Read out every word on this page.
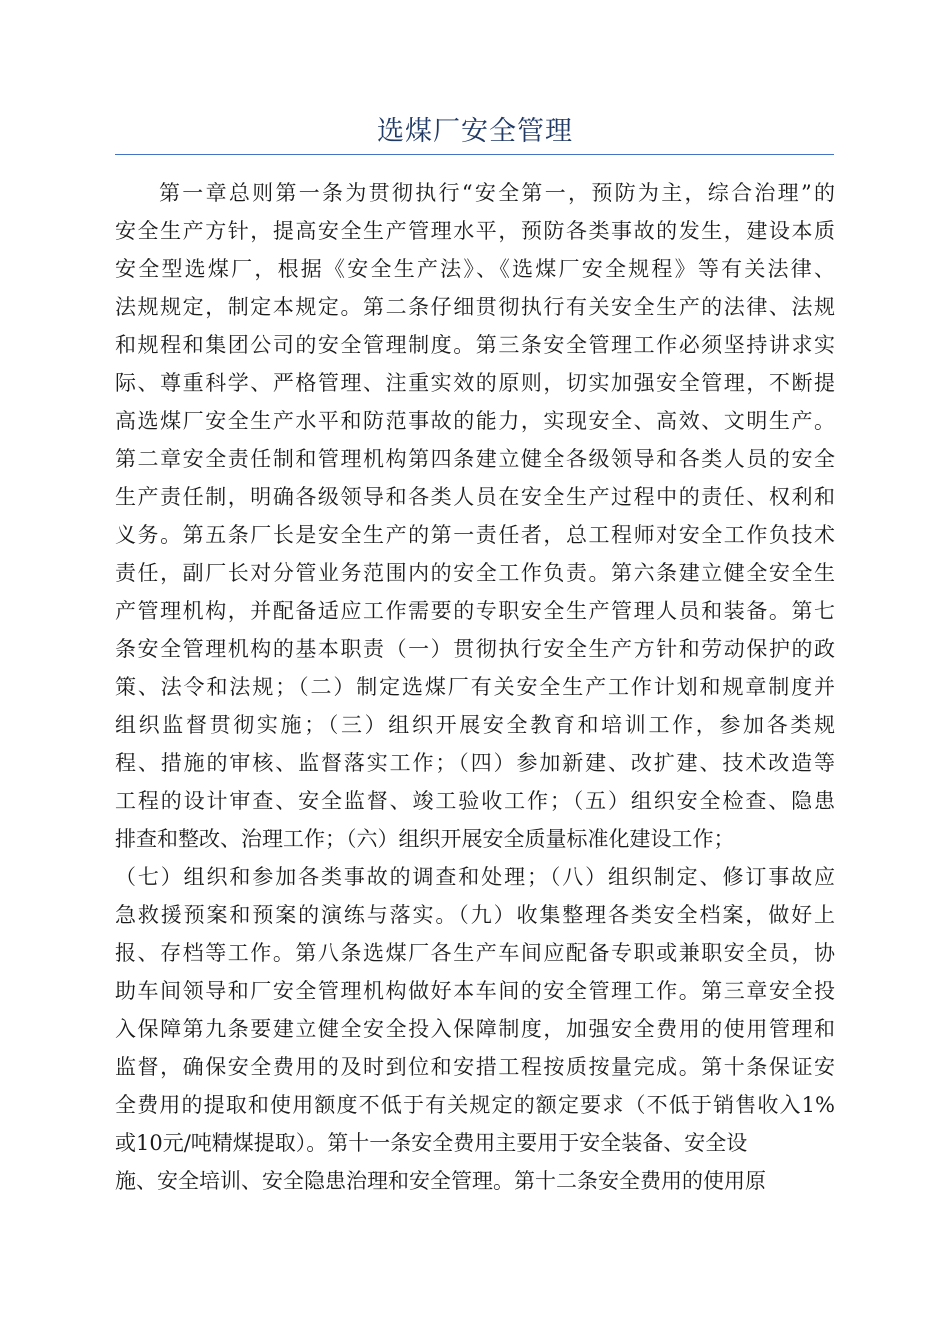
选煤厂安全管理
第一章总则第一条为贯彻执行“安全第一，预防为主，综合治理”的
安全生产方针，提高安全生产管理水平，预防各类事故的发生，建设本质
安全型选煤厂，根据《安全生产法》、《选煤厂安全规程》等有关法律、
法规规定，制定本规定。第二条仔细贯彻执行有关安全生产的法律、法规
和规程和集团公司的安全管理制度。第三条安全管理工作必须坚持讲求实
际、尊重科学、严格管理、注重实效的原则，切实加强安全管理，不断提
高选煤厂安全生产水平和防范事故的能力，实现安全、高效、文明生产。
第二章安全责任制和管理机构第四条建立健全各级领导和各类人员的安全
生产责任制，明确各级领导和各类人员在安全生产过程中的责任、权利和
义务。第五条厂长是安全生产的第一责任者，总工程师对安全工作负技术
责任，副厂长对分管业务范围内的安全工作负责。第六条建立健全安全生
产管理机构，并配备适应工作需要的专职安全生产管理人员和装备。第七
条安全管理机构的基本职责（一）贯彻执行安全生产方针和劳动保护的政
策、法令和法规；（二）制定选煤厂有关安全生产工作计划和规章制度并
组织监督贯彻实施；（三）组织开展安全教育和培训工作，参加各类规
程、措施的审核、监督落实工作；（四）参加新建、改扩建、技术改造等
工程的设计审查、安全监督、竣工验收工作；（五）组织安全检查、隐患
排查和整改、治理工作；（六）组织开展安全质量标准化建设工作；
（七）组织和参加各类事故的调查和处理；（八）组织制定、修订事故应
急救援预案和预案的演练与落实。（九）收集整理各类安全档案，做好上
报、存档等工作。第八条选煤厂各生产车间应配备专职或兼职安全员，协
助车间领导和厂安全管理机构做好本车间的安全管理工作。第三章安全投
入保障第九条要建立健全安全投入保障制度，加强安全费用的使用管理和
监督，确保安全费用的及时到位和安措工程按质按量完成。第十条保证安
全费用的提取和使用额度不低于有关规定的额定要求（不低于销售收入1%
或10元/吨精煤提取）。第十一条安全费用主要用于安全装备、安全设
施、安全培训、安全隐患治理和安全管理。第十二条安全费用的使用原
